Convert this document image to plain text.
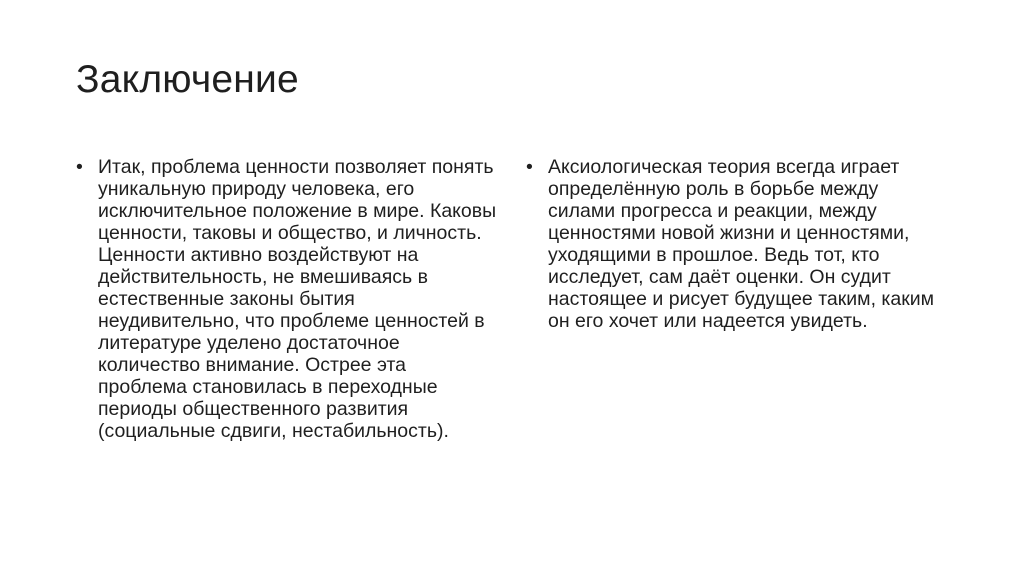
Заключение
• Итак, проблема ценности позволяет понять уникальную природу человека, его исключительное положение в мире. Каковы ценности, таковы и общество, и личность. Ценности активно воздействуют на действительность, не вмешиваясь в естественные законы бытия неудивительно, что проблеме ценностей в литературе уделено достаточное количество внимание. Острее эта проблема становилась в переходные периоды общественного развития (социальные сдвиги, нестабильность).
• Аксиологическая теория всегда играет определённую роль в борьбе между силами прогресса и реакции, между ценностями новой жизни и ценностями, уходящими в прошлое. Ведь тот, кто исследует, сам даёт оценки. Он судит настоящее и рисует будущее таким, каким он его хочет или надеется увидеть.
